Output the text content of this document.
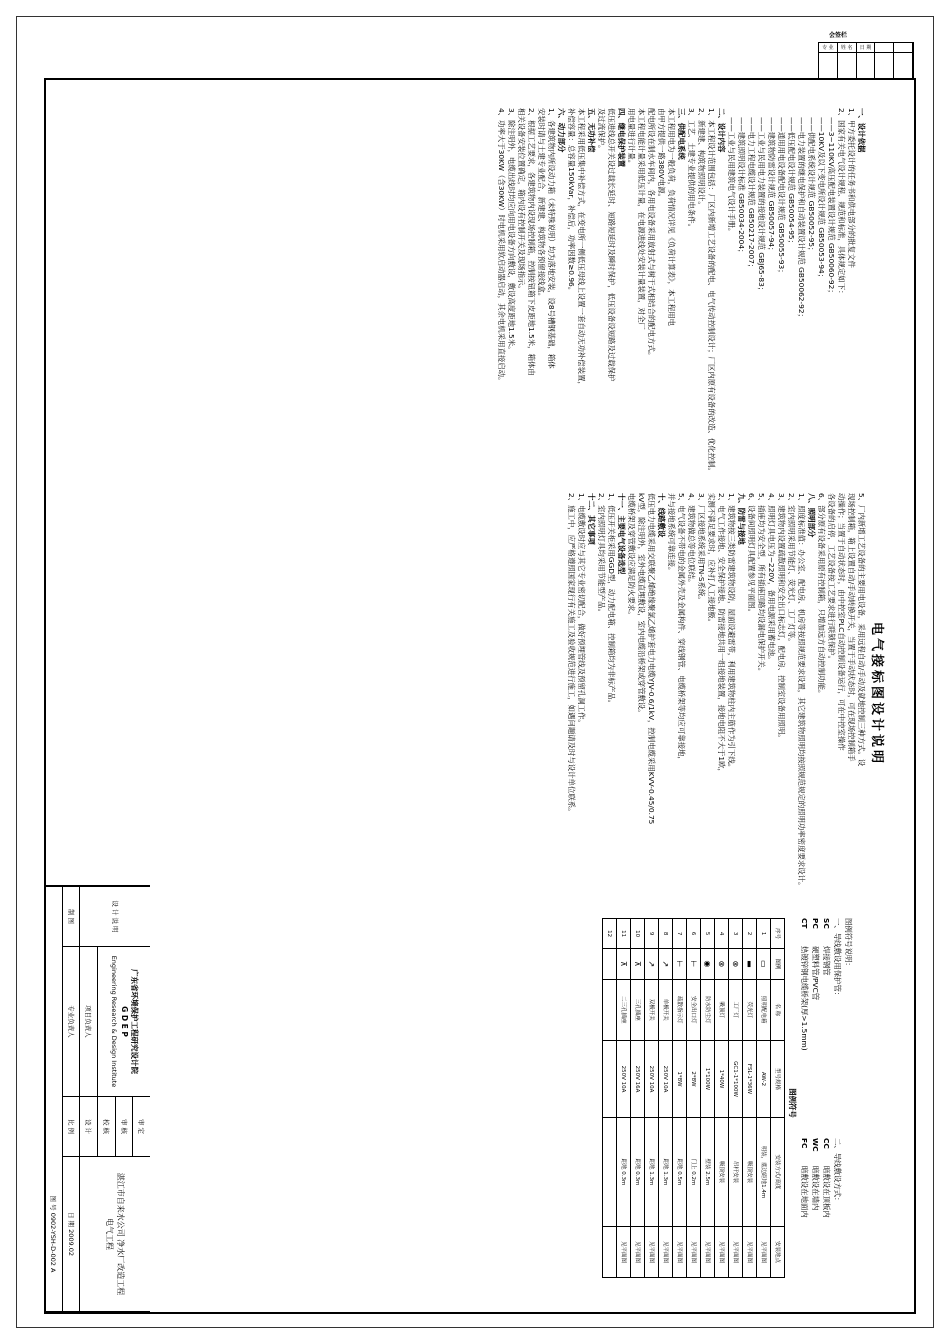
会签栏
专 业	姓 名	日 期
电气接标图设计说明

一、设计依据

1、甲方委托设计的任务书和供电部分的批复文件

2、国家有关电气设计规程、规范和标准，具体规定如下：

——3~110KV高压配电装置设计规范 GB50060-92；

——10KV及以下变电所设计规范 GB50053-94；

——供配电系统设计规范 GB50052-95；

——电力装置的继电保护和自动装置设计规范 GB50062-92；

——低压配电设计规范 GB50054-95；

——通用用电设备配电设计规范 GB50055-93；

——建筑物防雷设计规范 GB50057-94；

——工业与民用电力装置的接地设计规范 GBJ65-83；

——电力工程电缆设计规范 GB50217-2007；

——建筑照明设计标准 GB50034-2004；

——工业与民用建筑电气设计手册。

二、设计内容

1、本工程设计范围包括：厂区内新增工艺设备的配电、电气传动控制设计；厂区内原有设备的改造、优化控制。

2、新建建、构筑物照明设计。

3、工艺、土建专业提供的用电条件。

三、供配电系统

本工程用电为一般负荷，负荷情况详见《负荷计算表》，本工程用电

由甲方提供一路380V电源。

配电所设在制水车间内，各用电设备采用放射式与树干式相结合的配电方式。

本工程电能计量采用低压计量，在电源进线处安装计量装置，对全厂

用电量进行计量。

四、继电保护装置

低压进线总开关设过载长延时、短路短延时及瞬时保护，低压设备设短路及过载保护

及过流保护。

五、无功补偿

本工程采用低压集中补偿方式，在变电所一侧低压母线上设置一套自动无功补偿装置，

补偿容量：总容量150kVar，补偿后，功率因数≥0.96。

六、动力部分

1、各建筑物内所设动力箱（未特殊说明）均为落地安装，设8号槽钢基础，箱体

安装时请与土建专业配合，新建建、构筑物各预留接线盒。

2、根据工艺要求，各建筑物内设现场控制箱，控制按钮箱下皮距地1.5米，箱体由

相关设备安装位置确定，箱内设有控制开关及现场指示。

3、除注明外，电缆出线时均应向用电设备方向敷设，敷设高度距地1.5米。

4、功率大于30KW（含30KW）时电机采用软启动器启动，其余电机采用直接启动。

5、厂内新增工艺设备的主要用电设备，采用远程自动/手动及就地控制三种方式。设

现场控制箱，箱上设置自动/手动转换开关，当置于手动状态时，可在现场控制箱手

动操作；当置于自动状态时，由中控室PLC自动控制设备运行，可在中控室操作

各设备的启停，工艺设备按工艺要求进行联锁保护。

6、部分原有设备采用原有控制箱，只增加远方自动控制功能。

八、照明部分

1、照度标准值：办公室、配电房、机房等按照规范要求设置，其它建筑物照明均按照规范规定的照明功率密度要求设计。

2、室内照明采用节能灯、荧光灯、工厂灯等。

3、建筑物内设置疏散照明和安全出口标志灯，配电房、控制室设备用照明。

4、照明灯具电压为~220V，备用电源采用蓄电池。

5、插座均为安全型，所有插座回路均设漏电保护开关。

6、设备间照明灯具配置参见平面图。

九、防雷与接地

1、建筑物按三类防雷建筑物设防，屋面设避雷带，利用建筑物柱内主筋作为引下线。

2、电气工作接地、安全保护接地、防雷接地共用一组接地装置，接地电阻不大于1欧，

实测不满足要求时，应补打人工接地极。

3、厂区接地系统采用TN-S系统。

4、建筑物做总等电位联结。

5、电气设备不带电的金属外壳及金属构件、穿线钢管、电缆桥架等均应可靠接地，

并与接地系统可靠连接。

十、线路敷设

低压电力电缆采用交联聚乙烯绝缘聚氯乙烯护套电力电缆YJV-0.6/1kV，控制电缆采用KVV-0.45/0.75

kV型，除注明外，室外电缆直埋敷设，室内电缆沿桥架或穿管敷设。

电缆桥架及穿管敷设应满足防火要求。

十一、主要电气设备选型

1、低压开关柜采用GGD型，动力配电箱、控制箱均为非标产品。

2、室内照明灯具均采用节能型产品。

十二、其它事项

1、电缆敷设时应与其它专业密切配合，做好预埋管线及预留孔洞工作。

2、施工中，应严格遵照国家现行有关施工及验收规范进行施工，如遇问题请及时与设计单位联系。

图例符号说明：

一、导线敷设用保护管：

SC焊接钢管

PC硬塑料管/PVC管

CT热镀锌钢电缆桥架(厚>1.5mm)

二、导线敷设方式：

CC暗敷设在顶板内

WC暗敷设在墙内

FC暗敷设在地面内

图例符号
序号	图例	名 称	型号规格	安装方式/高度	安装地点
1	▭	照明配电箱	AW-2	明装，底边距地1.4m	见平面图
2	▬	荧光灯	FSL-1*36W	吸顶安装	见平面图
3	⊗	工厂灯	GC1-1*100W	吊杆安装	见平面图
4	⊗	吸顶灯	1*40W	吸顶安装	见平面图
5	◉	防水防尘灯	1*100W	壁装 2.5m	见平面图
6	⊢	安全出口灯	2*8W	门上 0.2m	见平面图
7	⊢	疏散指示灯	1*8W	距地 0.5m	见平面图
8	↗	单极开关	250V 10A	距地 1.3m	见平面图
9	↗	双极开关	250V 10A	距地 1.3m	见平面图
10	⊼	三孔插座	250V 16A	距地 0.3m	见平面图
11	⊼	二三孔插座	250V 10A	距地 0.3m	见平面图
12					
审 定
广东省环境保护工程研究设计院
G D E P
Engineering Research & Design Institute
设 计 说 明
湛江市自来水公司 净水厂改造工程
电气工程
审 核
校 核
项目负责人
设 计
制 图
专业负责人
比 例
日 期

2009.02
图 号

0902-YSH-D-002

A
